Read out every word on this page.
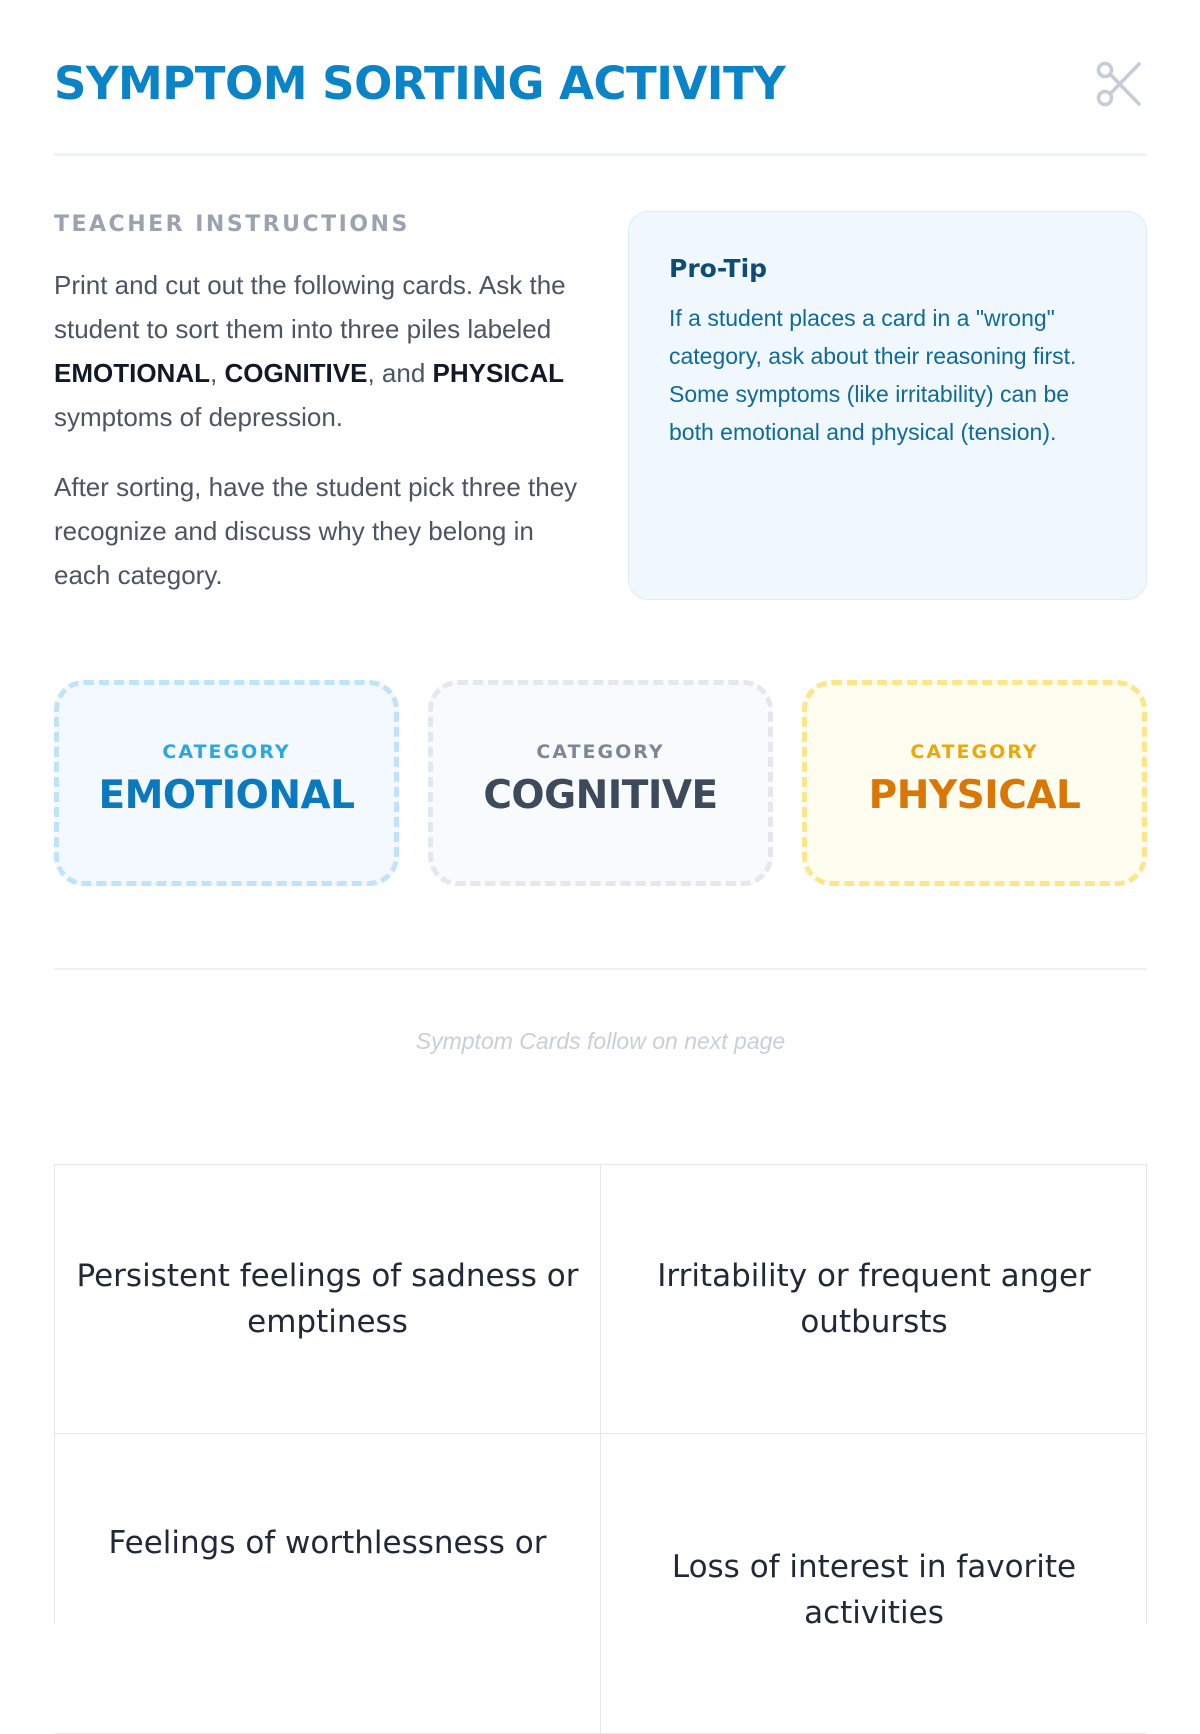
SYMPTOM SORTING ACTIVITY
TEACHER INSTRUCTIONS

Print and cut out the following cards. Ask the student to sort them into three piles labeled EMOTIONAL, COGNITIVE, and PHYSICAL symptoms of depression.

After sorting, have the student pick three they recognize and discuss why they belong in each category.

Pro-Tip
If a student places a card in a "wrong" category, ask about their reasoning first. Some symptoms (like irritability) can be both emotional and physical (tension).
CATEGORY
EMOTIONAL
CATEGORY
COGNITIVE
CATEGORY
PHYSICAL
Symptom Cards follow on next page
Persistent feelings of sadness or emptiness
Irritability or frequent anger outbursts
Feelings of worthlessness or
Loss of interest in favorite activities
